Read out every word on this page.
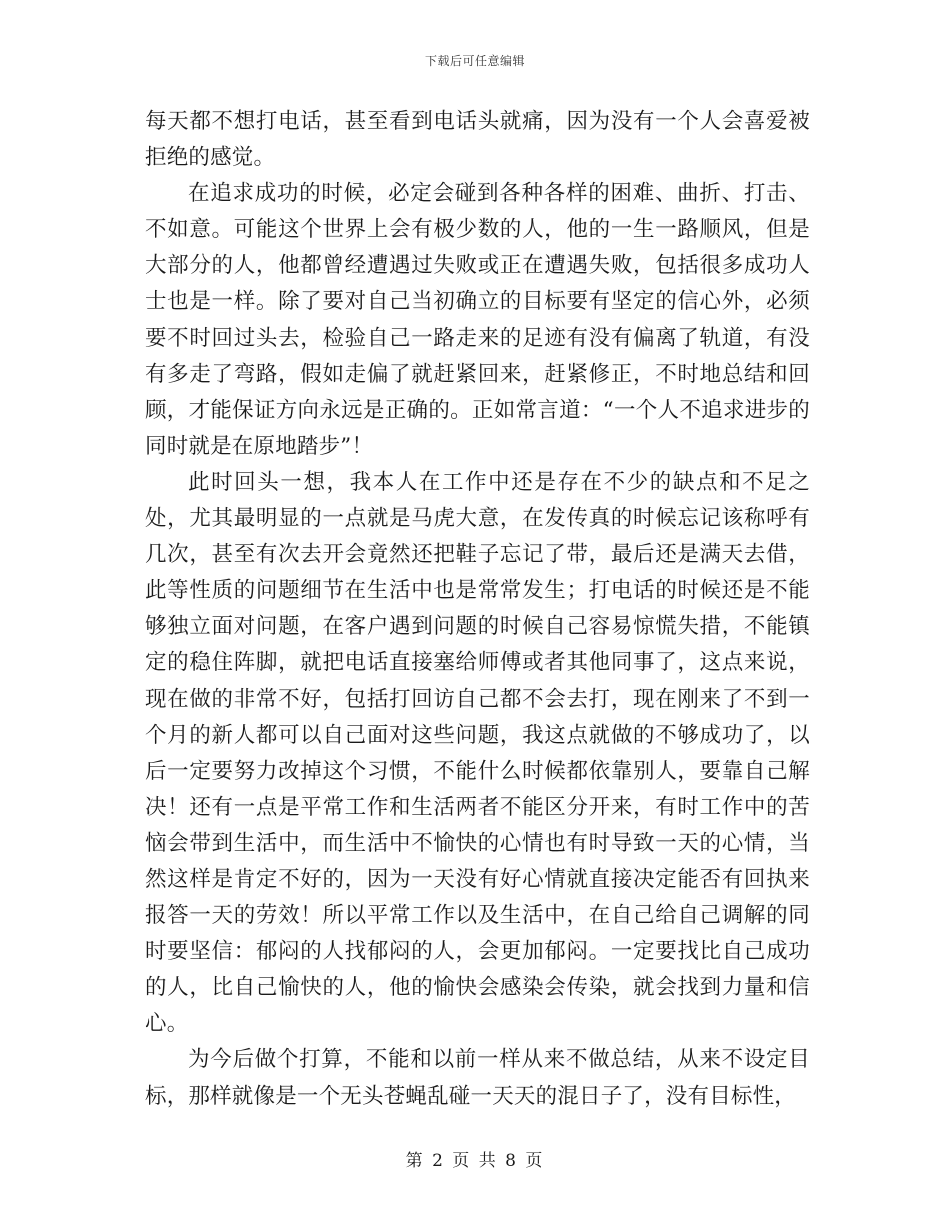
下载后可任意编辑

每天都不想打电话，甚至看到电话头就痛，因为没有一个人会喜爱被拒绝的感觉。

在追求成功的时候，必定会碰到各种各样的困难、曲折、打击、不如意。可能这个世界上会有极少数的人，他的一生一路顺风，但是大部分的人，他都曾经遭遇过失败或正在遭遇失败，包括很多成功人士也是一样。除了要对自己当初确立的目标要有坚定的信心外，必须要不时回过头去，检验自己一路走来的足迹有没有偏离了轨道，有没有多走了弯路，假如走偏了就赶紧回来，赶紧修正，不时地总结和回顾，才能保证方向永远是正确的。正如常言道：“一个人不追求进步的同时就是在原地踏步”！

此时回头一想，我本人在工作中还是存在不少的缺点和不足之处，尤其最明显的一点就是马虎大意，在发传真的时候忘记该称呼有几次，甚至有次去开会竟然还把鞋子忘记了带，最后还是满天去借，此等性质的问题细节在生活中也是常常发生；打电话的时候还是不能够独立面对问题，在客户遇到问题的时候自己容易惊慌失措，不能镇定的稳住阵脚，就把电话直接塞给师傅或者其他同事了，这点来说，现在做的非常不好，包括打回访自己都不会去打，现在刚来了不到一个月的新人都可以自己面对这些问题，我这点就做的不够成功了，以后一定要努力改掉这个习惯，不能什么时候都依靠别人，要靠自己解决！还有一点是平常工作和生活两者不能区分开来，有时工作中的苦恼会带到生活中，而生活中不愉快的心情也有时导致一天的心情，当然这样是肯定不好的，因为一天没有好心情就直接决定能否有回执来报答一天的劳效！所以平常工作以及生活中，在自己给自己调解的同时要坚信：郁闷的人找郁闷的人，会更加郁闷。一定要找比自己成功的人，比自己愉快的人，他的愉快会感染会传染，就会找到力量和信心。

为今后做个打算，不能和以前一样从来不做总结，从来不设定目标，那样就像是一个无头苍蝇乱碰一天天的混日子了，没有目标性，

第 2 页 共 8 页
